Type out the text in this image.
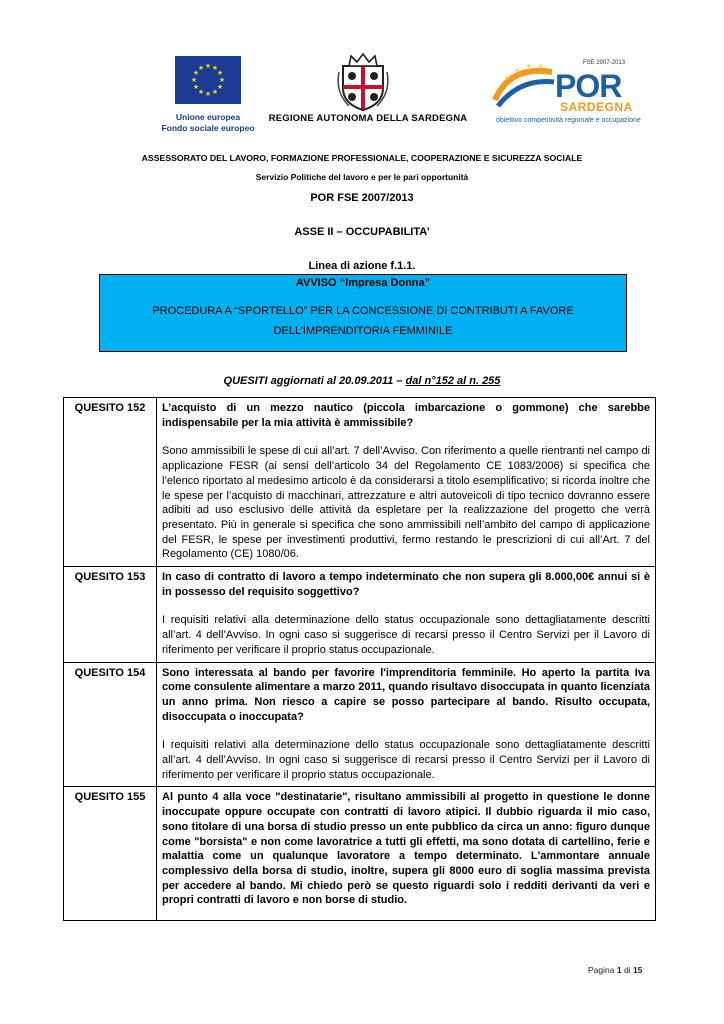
★ ★
★
★
★
★
★
★
★
★
★
★
Unione europea
Fondo sociale europeo
REGIONE AUTONOMA DELLA SARDEGNA
★
★
★ ★	FSE 2007-2013
POR
SARDEGNA
obiettivo competitività regionale e occupazione
ASSESSORATO DEL LAVORO, FORMAZIONE PROFESSIONALE, COOPERAZIONE E SICUREZZA SOCIALE
Servizio Politiche del lavoro e per le pari opportunità
POR FSE 2007/2013
ASSE II – OCCUPABILITA’
Linea di azione f.1.1.
AVVISO “Impresa Donna”
PROCEDURA A “SPORTELLO” PER LA CONCESSIONE DI CONTRIBUTI A FAVORE
DELL’IMPRENDITORIA FEMMINILE
QUESITI aggiornati al 20.09.2011 – dal n°152 al n. 255
QUESITO 152	L’acquisto di un mezzo nautico (piccola imbarcazione o gommone) che sarebbe indispensabile per la mia attività è ammissibile?

Sono ammissibili le spese di cui all’art. 7 dell’Avviso. Con riferimento a quelle rientranti nel campo di applicazione FESR (ai sensi dell’articolo 34 del Regolamento CE 1083/2006) si specifica che l’elenco riportato al medesimo articolo è da considerarsi a titolo esemplificativo; si ricorda inoltre che le spese per l’acquisto di macchinari, attrezzature e altri autoveicoli di tipo tecnico dovranno essere adibiti ad uso esclusivo delle attività da espletare per la realizzazione del progetto che verrà presentato. Più in generale si specifica che sono ammissibili nell’ambito del campo di applicazione del FESR, le spese per investimenti produttivi, fermo restando le prescrizioni di cui all’Art. 7 del Regolamento (CE) 1080/06.

QUESITO 153	In caso di contratto di lavoro a tempo indeterminato che non supera gli 8.000,00€ annui si è in possesso del requisito soggettivo?

I requisiti relativi alla determinazione dello status occupazionale sono dettagliatamente descritti all’art. 4 dell’Avviso. In ogni caso si suggerisce di recarsi presso il Centro Servizi per il Lavoro di riferimento per verificare il proprio status occupazionale.

QUESITO 154	Sono interessata al bando per favorire l'imprenditoria femminile. Ho aperto la partita Iva come consulente alimentare a marzo 2011, quando risultavo disoccupata in quanto licenziata un anno prima. Non riesco a capire se posso partecipare al bando. Risulto occupata, disoccupata o inoccupata?

I requisiti relativi alla determinazione dello status occupazionale sono dettagliatamente descritti all’art. 4 dell’Avviso. In ogni caso si suggerisce di recarsi presso il Centro Servizi per il Lavoro di riferimento per verificare il proprio status occupazionale.

QUESITO 155	Al punto 4 alla voce "destinatarie", risultano ammissibili al progetto in questione le donne inoccupate oppure occupate con contratti di lavoro atipici. Il dubbio riguarda il mio caso, sono titolare di una borsa di studio presso un ente pubblico da circa un anno: figuro dunque come "borsista" e non come lavoratrice a tutti gli effetti, ma sono dotata di cartellino, ferie e malattia come un qualunque lavoratore a tempo determinato. L'ammontare annuale complessivo della borsa di studio, inoltre, supera gli 8000 euro di soglia massima prevista per accedere al bando. Mi chiedo però se questo riguardi solo i redditi derivanti da veri e propri contratti di lavoro e non borse di studio.

Pagina 1 di 15
